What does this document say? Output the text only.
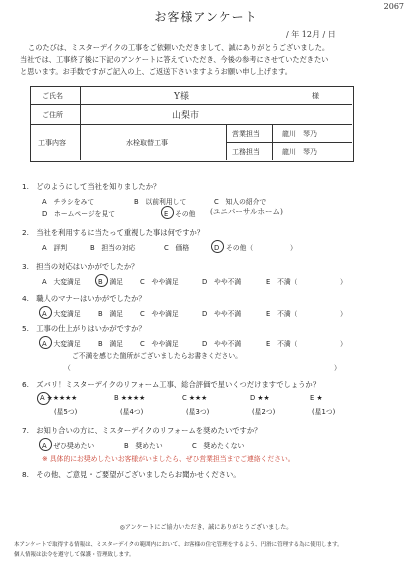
2067
お客様アンケート
/ 年 12月 / 日
このたびは、ミスターデイクの工事をご依頼いただきまして、誠にありがとうございました。
当社では、工事終了後に下記のアンケートに答えていただき、今後の参考にさせていただきたい
と思います。お手数ですがご記入の上、ご返送下さいますようお願い申し上げます。
ご氏名	Y様	様
ご住所	山梨市
工事内容	水栓取替工事
営業担当	龍川　琴乃
工務担当	龍川　琴乃
1.　どのようにして当社を知りましたか？
A　チラシをみて	B　以前利用して	C　知人の紹介で
D　ホームページを見て	E　その他 (ユニバーサルホーム)
2.　当社を利用するに当たって重視した事は何ですか？
A　評判	B　担当の対応	C　価格	D　その他（	）
3.　担当の対応はいかがでしたか？
A　大変満足	B　満足 C　やや満足	D　やや不満	E　不満（	）
4.　職人のマナーはいかがでしたか？
A　大変満足	B　満足 C　やや満足	D　やや不満	E　不満（	）
5.　工事の仕上がりはいかがですか？
A　大変満足	B　満足 C　やや満足	D　やや不満	E　不満（	）
ご不満を感じた箇所がございましたらお書きください。
（	）
6.　ズバリ！ミスターデイクのリフォーム工事、総合評価で星いくつだけますでしょうか？
A ★★★★★	B ★★★★	C ★★★	D ★★	E ★
(星5つ)	(星4つ)	(星3つ)	(星2つ)	(星1つ)
7.　お知り合いの方に、ミスターデイクのリフォームを奨めたいですか？
A　ぜひ奨めたい	B　奨めたい	C　奨めたくない
※ 具体的にお奨めしたいお客様がいましたら、ぜひ営業担当までご連絡ください。
8.　その他、ご意見・ご要望がございましたらお聞かせください。
◎アンケートにご協力いただき、誠にありがとうございました。
本アンケートで取得する情報は、ミスターデイクの範囲内において、お客様の住宅管理をするよう、円滑に管理する為に使用します。
個人情報は法令を遵守して保護・管理致します。
